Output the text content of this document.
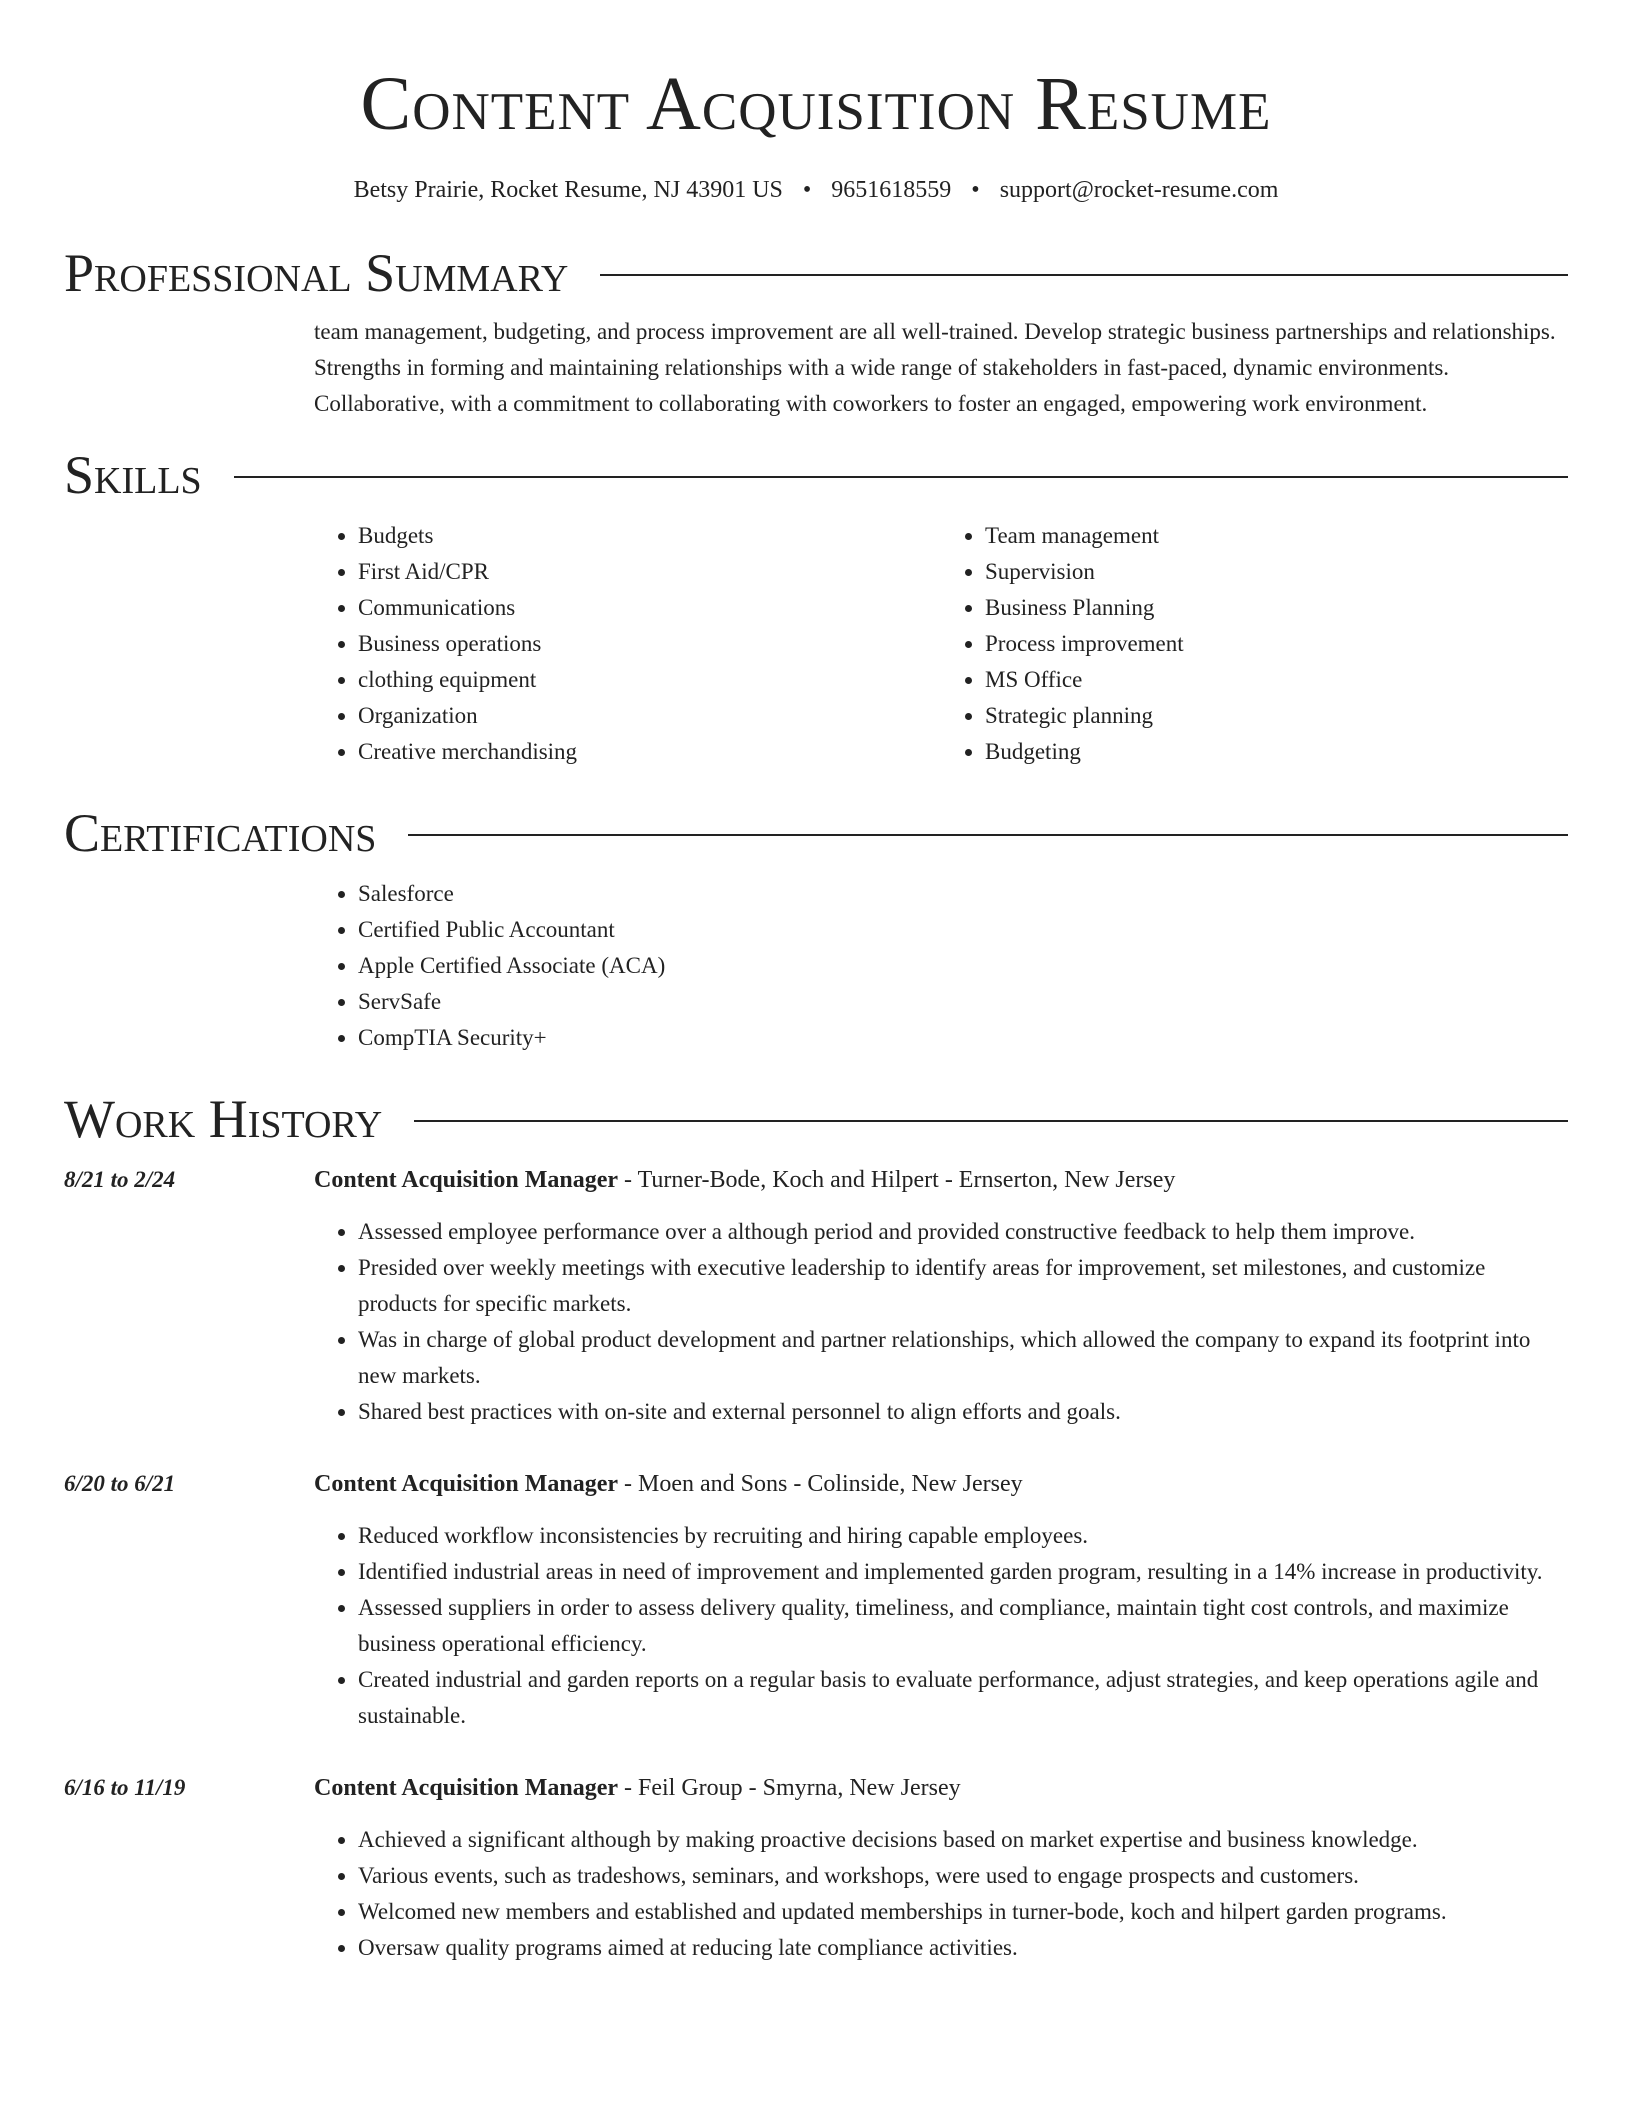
Content Acquisition Resume
Betsy Prairie, Rocket Resume, NJ 43901 US • 9651618559 • support@rocket-resume.com
Professional Summary

team management, budgeting, and process improvement are all well-trained. Develop strategic business partnerships and relationships. Strengths in forming and maintaining relationships with a wide range of stakeholders in fast-paced, dynamic environments. Collaborative, with a commitment to collaborating with coworkers to foster an engaged, empowering work environment.

Skills
• Budgets
• First Aid/CPR
• Communications
• Business operations
• clothing equipment
• Organization
• Creative merchandising
• Team management
• Supervision
• Business Planning
• Process improvement
• MS Office
• Strategic planning
• Budgeting
Certifications
• Salesforce
• Certified Public Accountant
• Apple Certified Associate (ACA)
• ServSafe
• CompTIA Security+
Work History
8/21 to 2/24	Content Acquisition Manager - Turner-Bode, Koch and Hilpert - Ernserton, New Jersey
• Assessed employee performance over a although period and provided constructive feedback to help them improve.
• Presided over weekly meetings with executive leadership to identify areas for improvement, set milestones, and customize products for specific markets.
• Was in charge of global product development and partner relationships, which allowed the company to expand its footprint into new markets.
• Shared best practices with on-site and external personnel to align efforts and goals.
6/20 to 6/21	Content Acquisition Manager - Moen and Sons - Colinside, New Jersey
• Reduced workflow inconsistencies by recruiting and hiring capable employees.
• Identified industrial areas in need of improvement and implemented garden program, resulting in a 14% increase in productivity.
• Assessed suppliers in order to assess delivery quality, timeliness, and compliance, maintain tight cost controls, and maximize business operational efficiency.
• Created industrial and garden reports on a regular basis to evaluate performance, adjust strategies, and keep operations agile and sustainable.
6/16 to 11/19	Content Acquisition Manager - Feil Group - Smyrna, New Jersey
• Achieved a significant although by making proactive decisions based on market expertise and business knowledge.
• Various events, such as tradeshows, seminars, and workshops, were used to engage prospects and customers.
• Welcomed new members and established and updated memberships in turner-bode, koch and hilpert garden programs.
• Oversaw quality programs aimed at reducing late compliance activities.
